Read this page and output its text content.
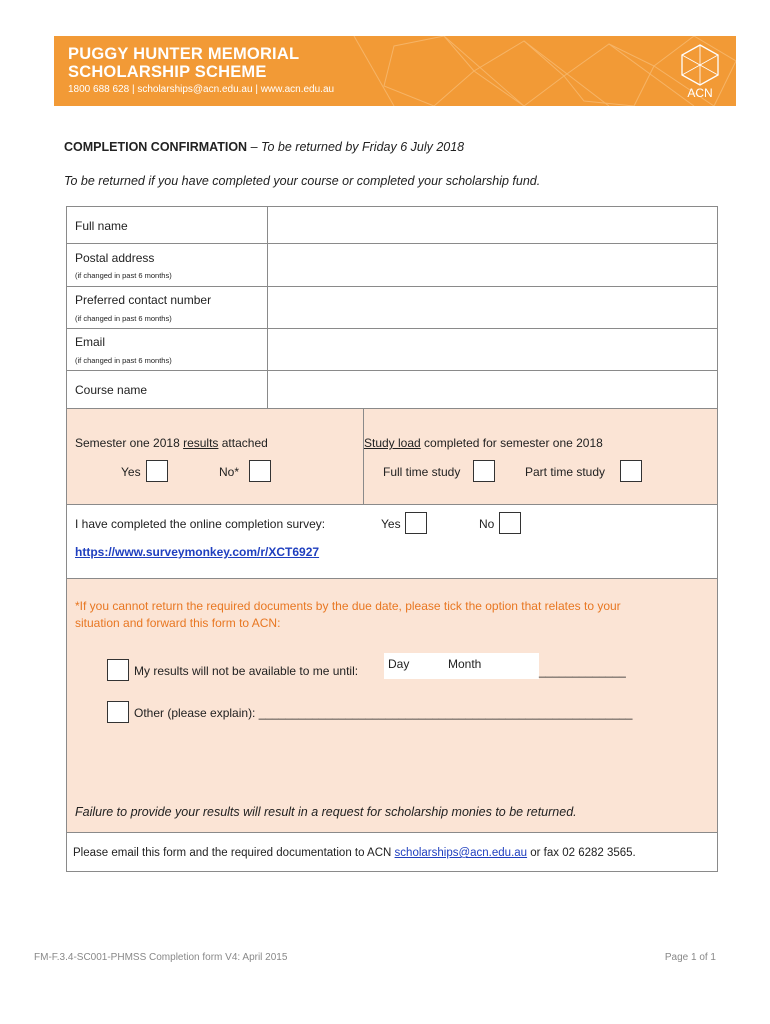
PUGGY HUNTER MEMORIAL
SCHOLARSHIP SCHEME
1800 688 628 | scholarships@acn.edu.au | www.acn.edu.au	ACN
COMPLETION CONFIRMATION – To be returned by Friday 6 July 2018
To be returned if you have completed your course or completed your scholarship fund.
Full name
Postal address
(if changed in past 6 months)
Preferred contact number
(if changed in past 6 months)
Email
(if changed in past 6 months)
Course name
Semester one 2018 results attached
Yes	No*
Study load completed for semester one 2018
Full time study	Part time study
I have completed the online completion survey:	Yes	No
https://www.surveymonkey.com/r/XCT6927
*If you cannot return the required documents by the due date, please tick the option that relates to your
situation and forward this form to ACN:
My results will not be available to me until: Day	Month	_____________
Other (please explain): ________________________________________________________
Failure to provide your results will result in a request for scholarship monies to be returned.
Please email this form and the required documentation to ACN scholarships@acn.edu.au or fax 02 6282 3565.
FM-F.3.4-SC001-PHMSS Completion form V4: April 2015	Page 1 of 1
